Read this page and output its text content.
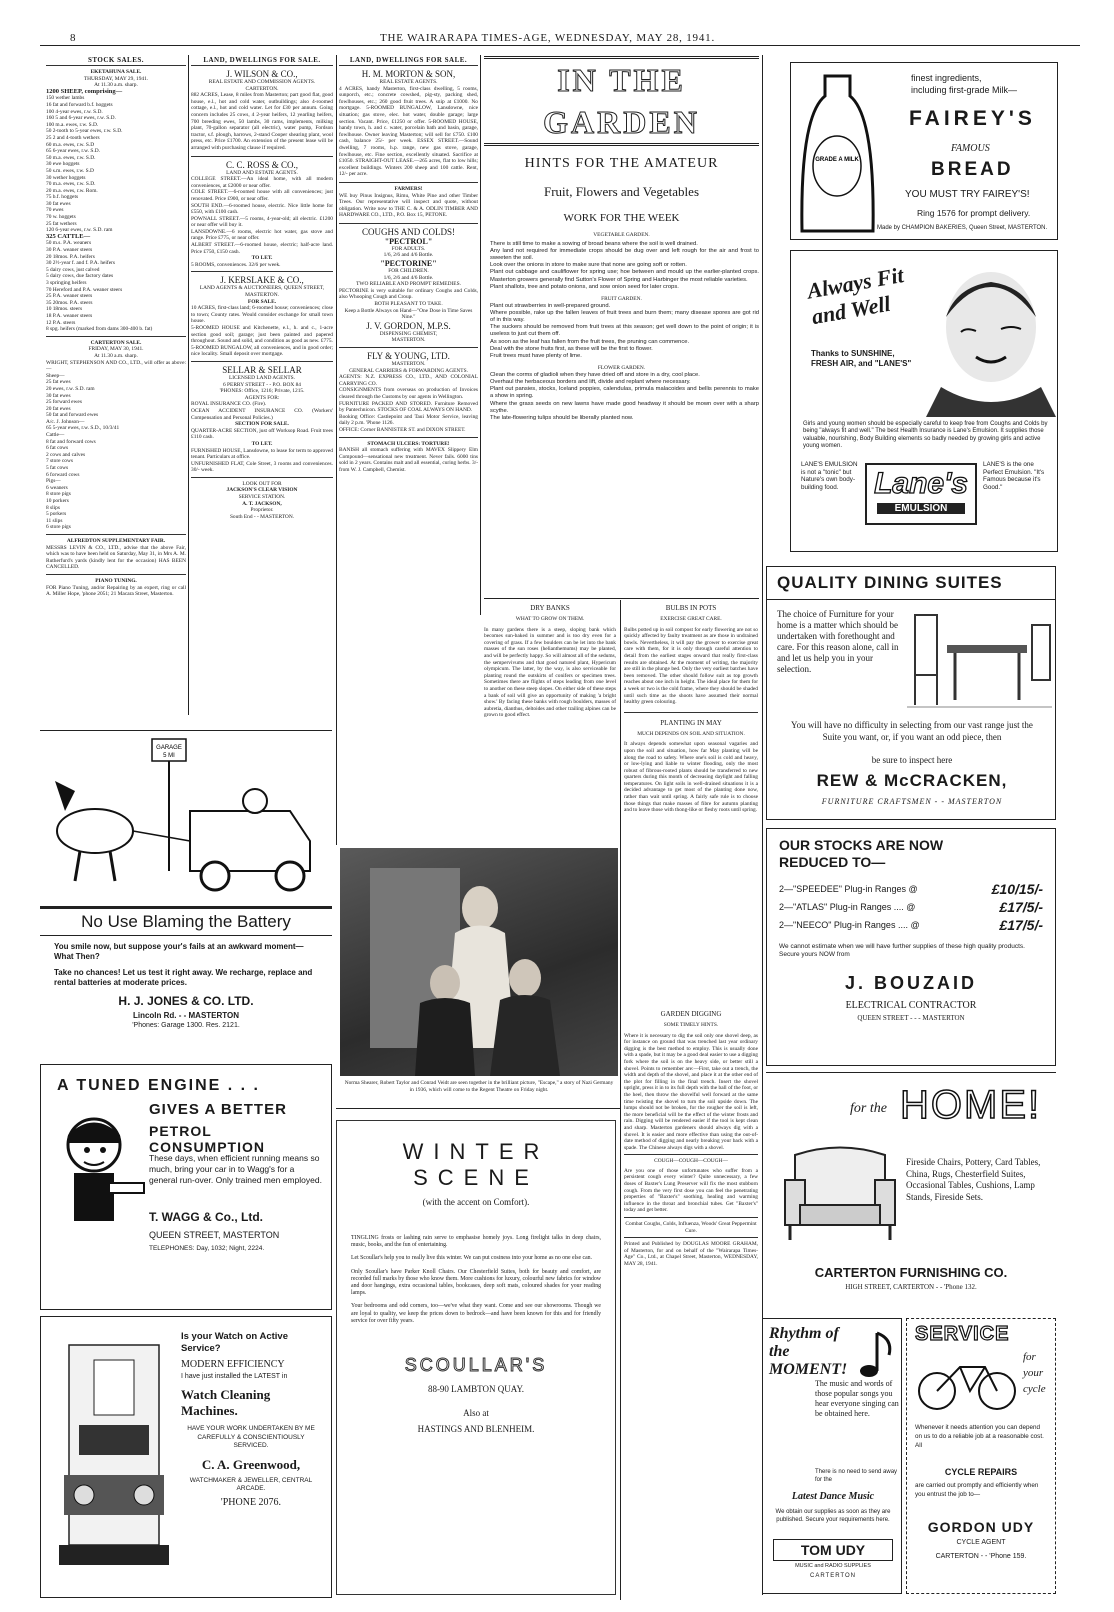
8	THE WAIRARAPA TIMES-AGE, WEDNESDAY, MAY 28, 1941.
STOCK SALES.
EKETAHUNA SALE.
THURSDAY, MAY 29, 1941.
At 11.30 a.m. sharp.
1200 SHEEP, comprising—
150 wether lambs
16 fat and forward b.f. hoggets
100 4-year ewes, r.w. S.D.
160 5 and 6-year ewes, r.w. S.D.
100 m.a. ewes, r.w. S.D.
50 2-tooth to 5-year ewes, r.w. S.D.
25 2 and 4-tooth wethers
60 m.a. ewes, r.w. S.D
65 6-year ewes, r.w. S.D.
50 m.a. ewes, r.w. S.D.
30 ewe hoggets
50 s.m. ewes, r.w. S.D
30 wether hoggets
70 m.a. ewes, r.w. S.D.
20 m.a. ewes, r.w. Rom.
75 b.f. hoggets
30 fat ewes
70 ewes
70 w. hoggets
25 fat wethers
120 6-year ewes, r.w. S.D. ram
325 CATTLE—
50 m.s. P.A. weaners
30 P.A. weaner steers
20 18mos. P.A. heifers
30 2½-year f. and f. P.A. heifers
5 dairy cows, just calved
5 dairy cows, due factory dates
3 springing heifers
70 Hereford and P.A. weaner steers
25 P.A. weaner steers
35 20mos. P.A. steers
10 18mos. steers
18 P.A. weaner steers
12 P.A. steers
8 spg. heifers (marked from dams 300-400 b. fat)
CARTERTON SALE.
FRIDAY, MAY 30, 1941.
At 11.30 a.m. sharp.
WRIGHT, STEPHENSON AND CO., LTD., will offer as above:—
Sheep—
25 fat ewes
20 ewes, r.w. S.D. ram
30 fat ewes
25 forward ewes
20 fat ewes
50 fat and forward ewes
A/c. J. Johnson—
65 5-year ewes, r.w. S.D., 10/3/41
Cattle—
8 fat and forward cows
6 fat cows
2 cows and calves
7 store cows
5 fat cows
6 forward cows
Pigs—
6 weaners
8 store pigs
10 porkers
8 slips
5 porkers
11 slips
6 store pigs
ALFREDTON SUPPLEMENTARY FAIR.
MESSRS LEVIN & CO., LTD., advise that the above Fair, which was to have been held on Saturday, May 31, in Mrs A. M. Rutherfurd's yards (kindly lent for the occasion) HAS BEEN CANCELLED.
PIANO TUNING.
FOR Piano Tuning, and/or Repairing by an expert, ring or call A. Miller Hope, 'phone 2051; 21 Macara Street, Masterton.
LAND, DWELLINGS FOR SALE.
J. WILSON & CO.,
REAL ESTATE AND COMMISSION AGENTS.
CARTERTON.
882 ACRES, Lease, 8 miles from Masterton; part good flat, good house, e.l., hot and cold water, outbuildings; also 4-roomed cottage, e.l., hot and cold water. Let for £30 per annum. Going concern includes 25 cows, 4 2-year heifers, 12 yearling heifers, 700 breeding ewes, 50 lambs, 30 rams, implements, milking plant, 70-gallon separator (all electric), water pump, Fordson tractor, s.f. plough, harrows, 2-stand Cooper shearing plant, wool press, etc. Price £1700. An extension of the present lease will be arranged with purchasing clause if required.
C. C. ROSS & CO.,
LAND AND ESTATE AGENTS.
COLLEGE STREET.—An ideal home, with all modern conveniences, at £2000 or near offer.
COLE STREET.—6-roomed house with all conveniences; just renovated. Price £900, or near offer.
SOUTH END.—6-roomed house, electric. Nice little home for £550, with £100 cash.
POWNALL STREET.—5 rooms, 4-year-old; all electric. £1200 or near offer will buy it.
LANSDOWNE.—6 rooms, electric hot water, gas stove and range. Price £775, or near offer.
ALBERT STREET.—6-roomed house, electric; half-acre land. Price £750, £150 cash.
TO LET.
5 ROOMS, conveniences. 32/6 per week.
J. KERSLAKE & CO.,
LAND AGENTS & AUCTIONEERS, QUEEN STREET, MASTERTON.
FOR SALE.
10 ACRES, first-class land; 6-roomed house; conveniences; close to town; County rates. Would consider exchange for small town house.
5-ROOMED HOUSE and Kitchenette, e.l., h. and c., 1-acre section good soil; garage; just been painted and papered throughout. Sound and solid, and condition as good as new. £775.
5-ROOMED BUNGALOW, all conveniences, and in good order; nice locality. Small deposit over mortgage.
SELLAR & SELLAR
LICENSED LAND AGENTS.
6 PERRY STREET - - P.O. BOX 84
'PHONES: Office, 1216; Private, 1215.
AGENTS FOR:
ROYAL INSURANCE CO. (Fire).
OCEAN ACCIDENT INSURANCE CO. (Workers' Compensation and Personal Policies.)
SECTION FOR SALE.
QUARTER-ACRE SECTION, just off Worksop Road. Fruit trees £110 cash.
TO LET.
FURNISHED HOUSE, Lansdowne, to lease for term to approved tenant. Particulars at office.
UNFURNISHED FLAT, Cole Street, 3 rooms and conveniences. 30/- week.
LOOK OUT FOR
JACKSON'S CLEAR VISION
SERVICE STATION.
A. T. JACKSON,
Proprietor.
South End - - MASTERTON.
LAND, DWELLINGS FOR SALE.
H. M. MORTON & SON,
REAL ESTATE AGENTS.
4 ACRES, handy Masterton, first-class dwelling, 5 rooms, sunporch, etc.; concrete cowshed, pig-sty, packing shed, fowlhouses, etc.; 260 good fruit trees. A snip at £1000. No mortgage. 5-ROOMED BUNGALOW, Lansdowne, nice situation; gas stove, elec. hot water, double garage; large section. Vacant. Price, £1250 or offer. 5-ROOMED HOUSE, handy town, h. and c. water, porcelain bath and basin, garage, fowlhouse. Owner leaving Masterton; will sell for £750. £100 cash, balance 25/- per week. ESSEX STREET.—Sound dwelling, 7 rooms, h.p. range, new gas stove, garage, fowlhouse, etc. Fine section, excellently situated. Sacrifice at £1050. STRAIGHT-OUT LEASE.—265 acres, flat to low hills; excellent buildings. Winters 200 sheep and 100 cattle. Rent, 12/- per acre.
FARMERS!
WE buy Pinus Insignus, Rimu, White Pine and other Timber Trees. Our representative will inspect and quote, without obligation. Write now to THE C. & A. ODLIN TIMBER AND HARDWARE CO., LTD., P.O. Box 15, PETONE.
COUGHS AND COLDS!
"PECTROL"
FOR ADULTS.
1/6, 2/6 and 4/6 Bottle.
"PECTORINE"
FOR CHILDREN.
1/6, 2/6 and 4/6 Bottle.
TWO RELIABLE AND PROMPT REMEDIES.
PECTORINE is very suitable for ordinary Coughs and Colds, also Whooping Cough and Croup.
BOTH PLEASANT TO TAKE.
Keep a Bottle Always on Hand—"One Dose in Time Saves Nine."
J. V. GORDON, M.P.S.
DISPENSING CHEMIST,
MASTERTON.
FLY & YOUNG, LTD.
MASTERTON.
GENERAL CARRIERS & FORWARDING AGENTS.
AGENTS: N.Z. EXPRESS CO., LTD., AND COLONIAL CARRYING CO.
CONSIGNMENTS from overseas on production of Invoices cleared through the Customs by our agents in Wellington.
FURNITURE PACKED AND STORED. Furniture Removed by Pantechnicon. STOCKS OF COAL ALWAYS ON HAND.
Booking Office: Castlepoint and Taui Motor Service, leaving daily 2 p.m. 'Phone 1126.
OFFICE: Corner BANNISTER ST. and DIXON STREET.
STOMACH ULCERS: TORTURE!
BANISH all stomach suffering with MAVEX Slippery Elm Compound—sensational new treatment. Never fails. 6000 tins sold in 2 years. Contains malt and all essential, curing herbs. 3/- from W. J. Campbell, Chemist.
IN THE GARDEN
HINTS FOR THE AMATEUR
Fruit, Flowers and Vegetables
WORK FOR THE WEEK
VEGETABLE GARDEN.
There is still time to make a sowing of broad beans where the soil is well drained.
Any land not required for immediate crops should be dug over and left rough for the air and frost to sweeten the soil.
Look over the onions in store to make sure that none are going soft or rotten.
Plant out cabbage and cauliflower for spring use; hoe between and mould up the earlier-planted crops. Masterton growers generally find Sutton's Flower of Spring and Harbinger the most reliable varieties.
Plant shallots, tree and potato onions, and sow onion seed for later crops.
FRUIT GARDEN.
Plant out strawberries in well-prepared ground.
Where possible, rake up the fallen leaves of fruit trees and burn them; many disease spores are got rid of in this way.
The suckers should be removed from fruit trees at this season; get well down to the point of origin; it is useless to just cut them off.
As soon as the leaf has fallen from the fruit trees, the pruning can commence.
Deal with the stone fruits first, as these will be the first to flower.
Fruit trees must have plenty of lime.
FLOWER GARDEN.
Clean the corms of gladioli when they have dried off and store in a dry, cool place.
Overhaul the herbaceous borders and lift, divide and replant where necessary.
Plant out pansies, stocks, Iceland poppies, calendulas, primula malacoides and bellis perennis to make a show in spring.
Where the grass seeds on new lawns have made good headway it should be mown over with a sharp scythe.
The late-flowering tulips should be liberally planted now.
DRY BANKS
WHAT TO GROW ON THEM.
In many gardens there is a steep, sloping bank which becomes sun-baked in summer and is too dry even for a covering of grass. If a few boulders can be let into the bank masses of the sun roses (helianthemums) may be planted, and will be perfectly happy. So will almost all of the sedums, the sempervivums and that good natured plant, Hypericum olympicum. The latter, by the way, is also serviceable for planting round the outskirts of conifers or specimen trees. Sometimes there are flights of steps leading from one level to another on these steep slopes. On either side of these steps a bank of soil will give an opportunity of making 'a bright show.' By facing these banks with rough boulders, masses of aubretia, dianthus, deltoides and other trailing alpines can be grown to good effect.
BULBS IN POTS
EXERCISE GREAT CARE.
Bulbs potted up in soil compost for early flowering are not so quickly affected by faulty treatment as are those in undrained bowls. Nevertheless, it will pay the grower to exercise great care with them, for it is only through careful attention to detail from the earliest stages onward that really first-class results are obtained. At the moment of writing, the majority are still in the plunge bed. Only the very earliest batches have been removed. The other should follow suit as top growth reaches about one inch in height. The ideal place for them for a week or two is the cold frame, where they should be shaded until such time as the shoots have assumed their normal healthy green colouring.
PLANTING IN MAY
MUCH DEPENDS ON SOIL AND SITUATION.
It always depends somewhat upon seasonal vagaries and upon the soil and situation, how far May planting will be along the road to safety. Where one's soil is cold and heavy, or low-lying and liable to winter flooding, only the most robust of fibrous-rooted plants should be transferred to new quarters during this month of decreasing daylight and falling temperatures. On light soils in well-drained situations it is a decided advantage to get most of the planting done now, rather than wait until spring. A fairly safe rule is to choose those things that make masses of fibre for autumn planting and to leave those with thong-like or fleshy roots until spring.
GARDEN DIGGING
SOME TIMELY HINTS.
Where it is necessary to dig the soil only one shovel deep, as for instance on ground that was trenched last year ordinary digging is the best method to employ. This is usually done with a spade, but it may be a good deal easier to use a digging fork where the soil is on the heavy side, or better still a shovel. Points to remember are:—First, take out a trench, the width and depth of the shovel, and place it at the other end of the plot for filling in the final trench. Insert the shovel upright, press it in to its full depth with the ball of the foot, or the heel, then throw the shovelful well forward at the same time twisting the shovel to turn the soil upside down. The lumps should not be broken, for the rougher the soil is left, the more beneficial will be the effect of the winter frosts and rain. Digging will be rendered easier if the tool is kept clean and sharp. Masterton gardeners should always dig with a shovel. It is easier and more effective than using the out-of-date method of digging and nearly breaking your back with a spade. The Chinese always digs with a shovel.
COUGH—COUGH—COUGH—
Are you one of those unfortunates who suffer from a persistent cough every winter? Quite unnecessary, a few doses of Baxter's Lung Preserver will fix the most stubborn cough. From the very first dose you can feel the penetrating properties of "Baxter's" soothing, healing and warming influence in the throat and bronchial tubes. Get "Baxter's" today and get better.
Combat Coughs, Colds, Influenza, Woods' Great Peppermint Cure.
Printed and Published by DOUGLAS MOORE GRAHAM, of Masterton, for and on behalf of the "Wairarapa Times-Age" Co., Ltd., at Chapel Street, Masterton, WEDNESDAY, MAY 28, 1941.
Norma Shearer, Robert Taylor and Conrad Veidt are seen together in the brilliant picture, "Escape," a story of Nazi Germany in 1936, which will come to the Regent Theatre on Friday night.
WINTER SCENE
(with the accent on Comfort).
TINGLING frosts or lashing rain serve to emphasise homely joys. Long firelight talks in deep chairs, music, books, and the fun of entertaining.
Let Scoullar's help you to really live this winter. We can put cosiness into your home as no one else can.
Only Scoullar's have Parker Knoll Chairs. Our Chesterfield Suites, both for beauty and comfort, are recorded full marks by those who know them. More cushions for luxury, colourful new fabrics for window and door hangings, extra occasional tables, bookcases, deep soft mats, coloured shades for your reading lamps.
Your bedrooms and odd corners, too—we've what they want. Come and see our showrooms. Though we are loyal to quality, we keep the prices down to bedrock—and have been known for this and for friendly service for over fifty years.
SCOULLAR'S
88-90 LAMBTON QUAY.
Also at
HASTINGS AND BLENHEIM.
GARAGE
5 MI
No Use Blaming the Battery
You smile now, but suppose your's fails at an awkward moment—What Then?
Take no chances! Let us test it right away. We recharge, replace and rental batteries at moderate prices.
H. J. JONES & CO. LTD.
Lincoln Rd. - - MASTERTON
'Phones: Garage 1300. Res. 2121.
A TUNED ENGINE . . .
GIVES A BETTER
PETROL CONSUMPTION
These days, when efficient running means so much, bring your car in to Wagg's for a general run-over. Only trained men employed.
T. WAGG & Co., Ltd.
QUEEN STREET, MASTERTON
TELEPHONES: Day, 1032; Night, 2224.
Is your Watch on Active Service?
MODERN EFFICIENCY
I have just installed the LATEST in
Watch Cleaning Machines.
HAVE YOUR WORK UNDERTAKEN BY ME CAREFULLY & CONSCIENTIOUSLY SERVICED.
C. A. Greenwood,
WATCHMAKER & JEWELLER, CENTRAL ARCADE.
'PHONE 2076.
GRADE A MILK
finest ingredients,
including first-grade Milk—
FAIREY'S
FAMOUS
BREAD
YOU MUST TRY FAIREY'S!
Ring 1576 for prompt delivery.
Made by CHAMPION BAKERIES, Queen Street, MASTERTON.
Always Fit and Well
Thanks to SUNSHINE, FRESH AIR, and "LANE'S"
Girls and young women should be especially careful to keep free from Coughs and Colds by being "always fit and well." The best Health Insurance is Lane's Emulsion. It supplies those valuable, nourishing, Body Building elements so badly needed by growing girls and active young women.
LANE'S EMULSION is not a "tonic" but Nature's own body-building food.	Lane's
EMULSION
LANE'S is the one Perfect Emulsion. "It's Famous because it's Good."
QUALITY DINING SUITES
The choice of Furniture for your home is a matter which should be undertaken with forethought and care. For this reason alone, call in and let us help you in your selection.
You will have no difficulty in selecting from our vast range just the Suite you want, or, if you want an odd piece, then
be sure to inspect here
REW & McCRACKEN,
FURNITURE CRAFTSMEN - - MASTERTON
OUR STOCKS ARE NOW REDUCED TO—
2—"SPEEDEE" Plug-in Ranges @	£10/15/-
2—"ATLAS" Plug-in Ranges .... @	£17/5/-
2—"NEECO" Plug-in Ranges .... @	£17/5/-
We cannot estimate when we will have further supplies of these high quality products. Secure yours NOW from
J. BOUZAID
ELECTRICAL CONTRACTOR
QUEEN STREET - - - MASTERTON
for the HOME!
Fireside Chairs, Pottery, Card Tables, China, Rugs, Chesterfield Suites, Occasional Tables, Cushions, Lamp Stands, Fireside Sets.
CARTERTON FURNISHING CO.
HIGH STREET, CARTERTON - - 'Phone 132.
Rhythm of the MOMENT!
The music and words of those popular songs you hear everyone singing can be obtained here.
There is no need to send away for the
Latest Dance Music
We obtain our supplies as soon as they are published. Secure your requirements here.
TOM UDY
MUSIC and RADIO SUPPLIES
CARTERTON
SERVICE
for your cycle
Whenever it needs attention you can depend on us to do a reliable job at a reasonable cost. All
CYCLE REPAIRS
are carried out promptly and efficiently when you entrust the job to—
GORDON UDY
CYCLE AGENT
CARTERTON - - 'Phone 159.
